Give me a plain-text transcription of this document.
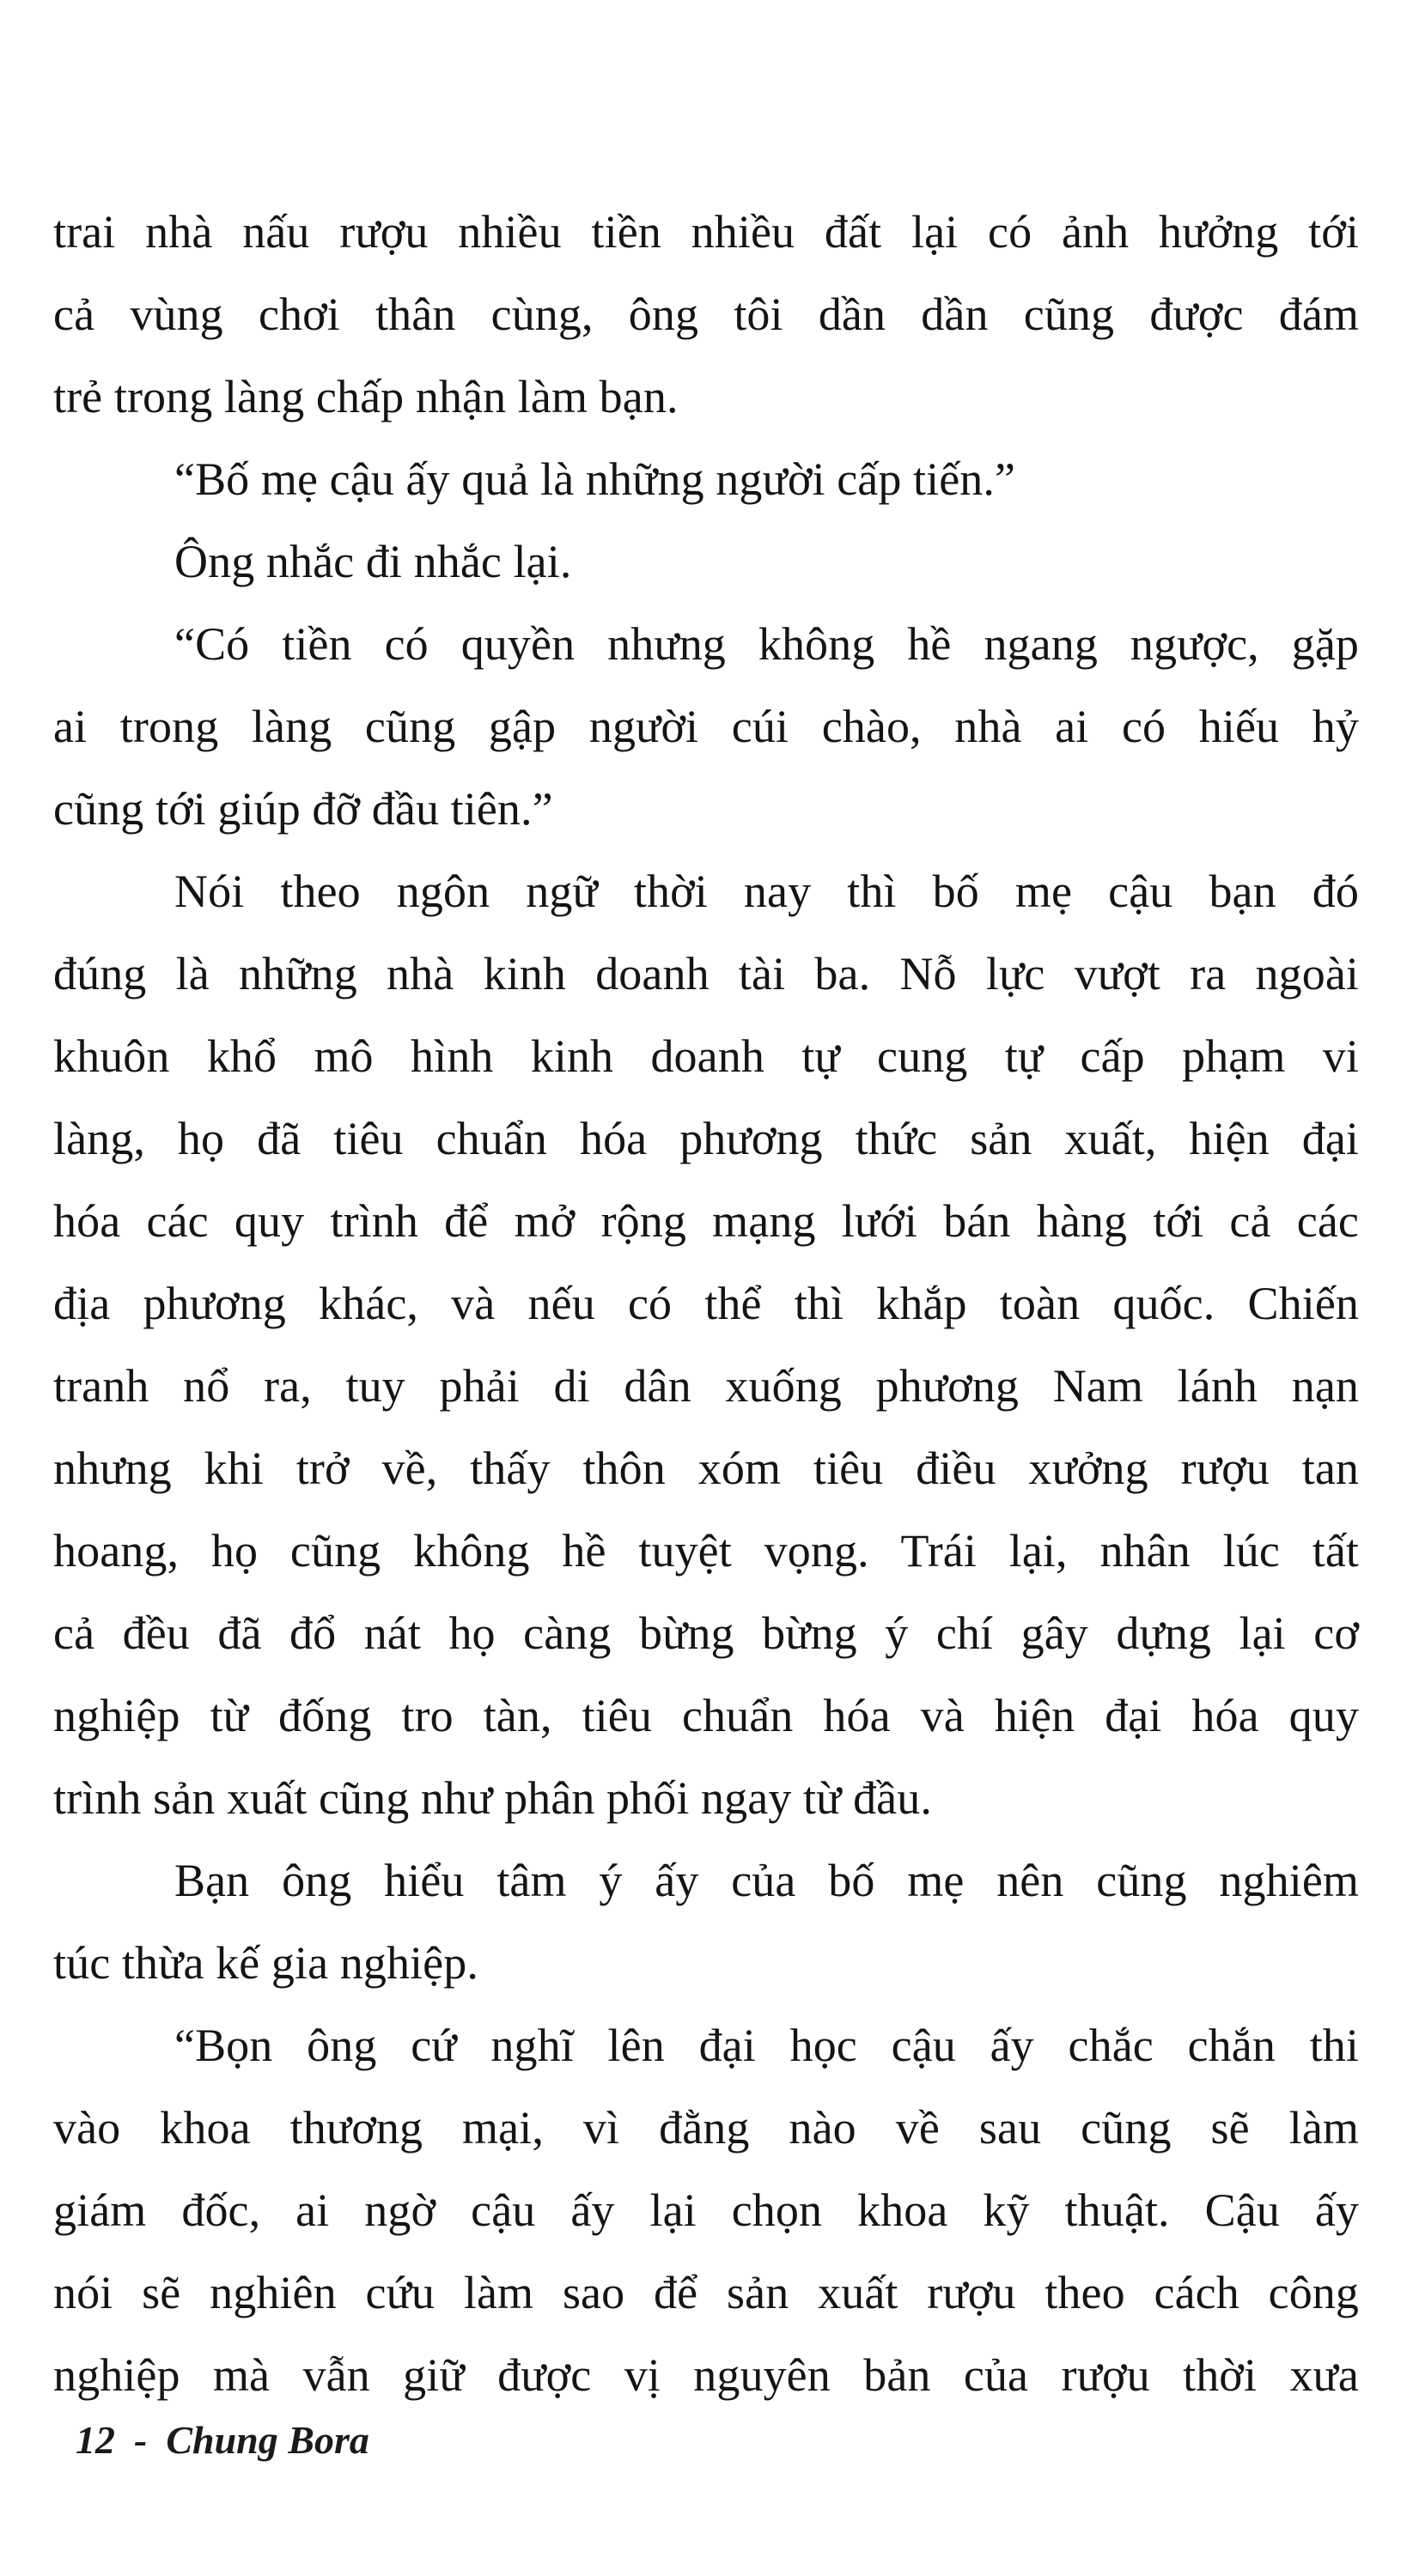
trai nhà nấu rượu nhiều tiền nhiều đất lại có ảnh hưởng tới
cả vùng chơi thân cùng, ông tôi dần dần cũng được đám
trẻ trong làng chấp nhận làm bạn.
“Bố mẹ cậu ấy quả là những người cấp tiến.”
Ông nhắc đi nhắc lại.
“Có tiền có quyền nhưng không hề ngang ngược, gặp
ai trong làng cũng gập người cúi chào, nhà ai có hiếu hỷ
cũng tới giúp đỡ đầu tiên.”
Nói theo ngôn ngữ thời nay thì bố mẹ cậu bạn đó
đúng là những nhà kinh doanh tài ba. Nỗ lực vượt ra ngoài
khuôn khổ mô hình kinh doanh tự cung tự cấp phạm vi
làng, họ đã tiêu chuẩn hóa phương thức sản xuất, hiện đại
hóa các quy trình để mở rộng mạng lưới bán hàng tới cả các
địa phương khác, và nếu có thể thì khắp toàn quốc. Chiến
tranh nổ ra, tuy phải di dân xuống phương Nam lánh nạn
nhưng khi trở về, thấy thôn xóm tiêu điều xưởng rượu tan
hoang, họ cũng không hề tuyệt vọng. Trái lại, nhân lúc tất
cả đều đã đổ nát họ càng bừng bừng ý chí gây dựng lại cơ
nghiệp từ đống tro tàn, tiêu chuẩn hóa và hiện đại hóa quy
trình sản xuất cũng như phân phối ngay từ đầu.
Bạn ông hiểu tâm ý ấy của bố mẹ nên cũng nghiêm
túc thừa kế gia nghiệp.
“Bọn ông cứ nghĩ lên đại học cậu ấy chắc chắn thi
vào khoa thương mại, vì đằng nào về sau cũng sẽ làm
giám đốc, ai ngờ cậu ấy lại chọn khoa kỹ thuật. Cậu ấy
nói sẽ nghiên cứu làm sao để sản xuất rượu theo cách công
nghiệp mà vẫn giữ được vị nguyên bản của rượu thời xưa
12 - Chung Bora
